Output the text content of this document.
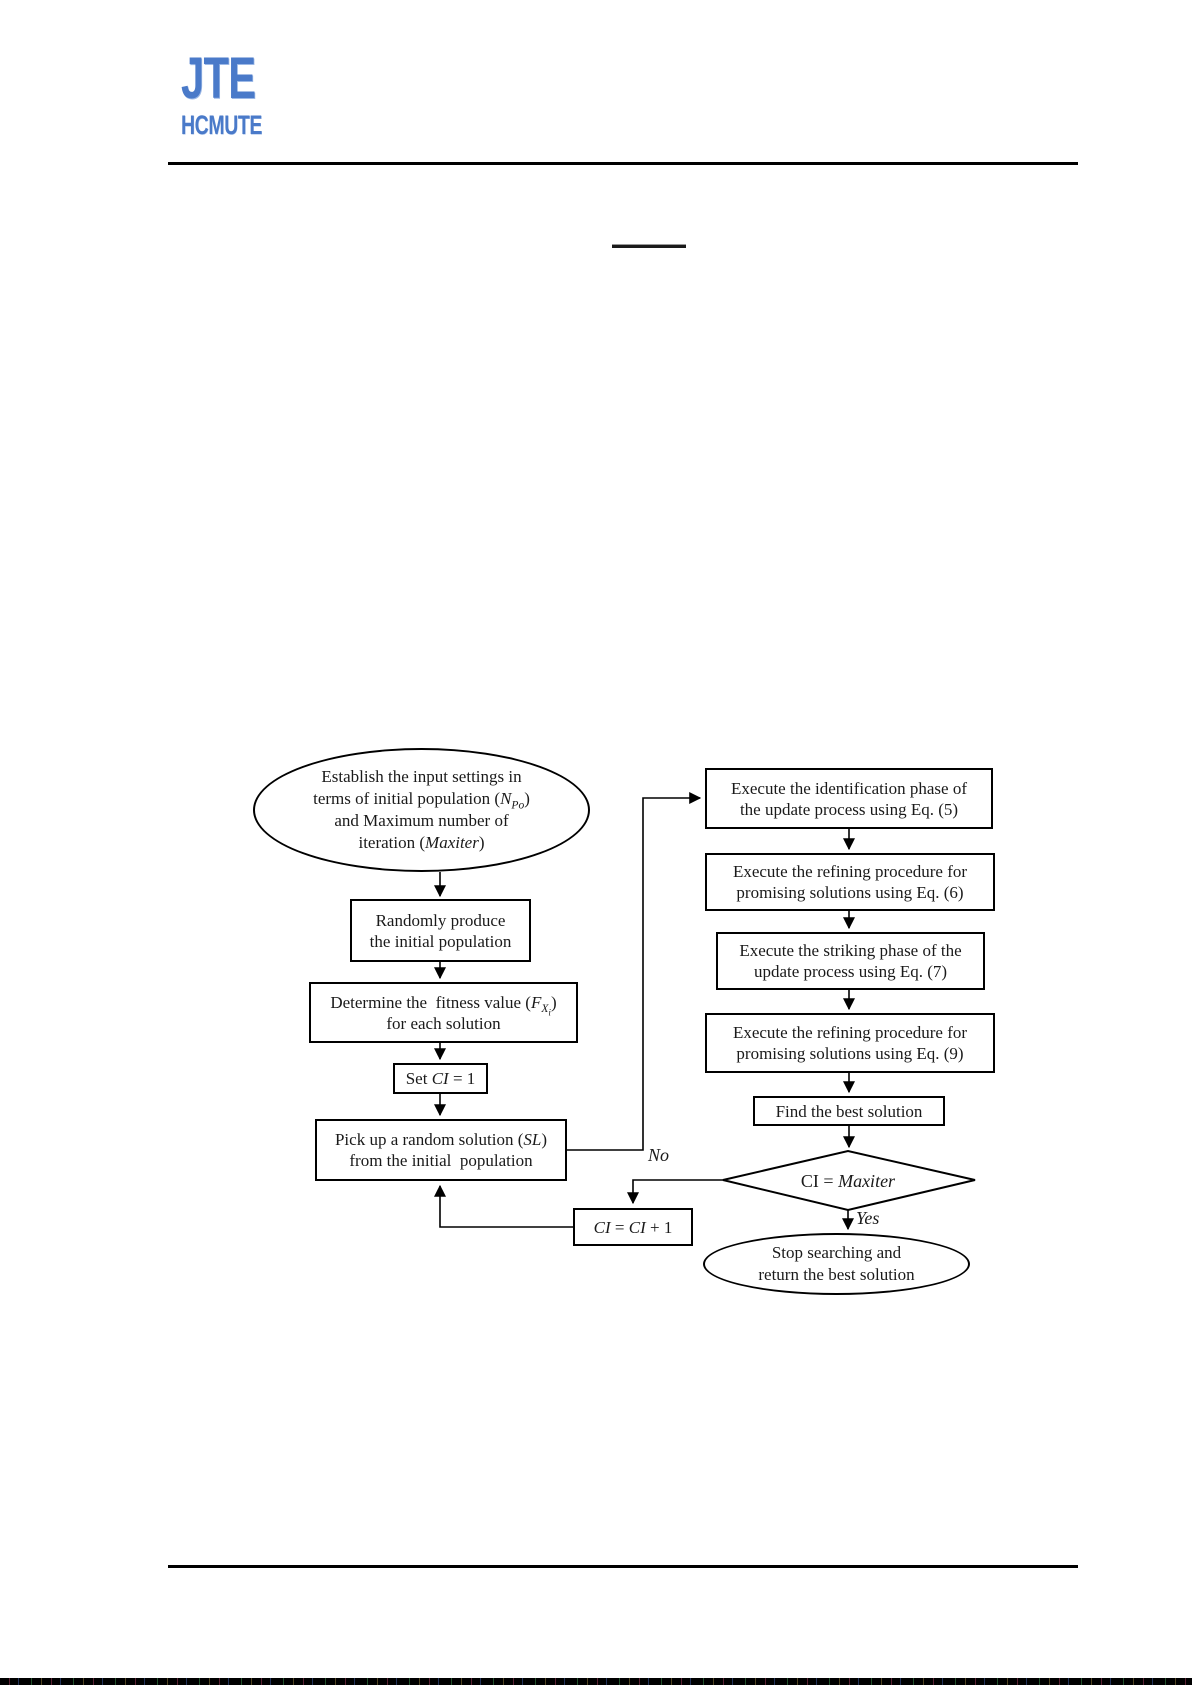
JTE
HCMUTE
Establish the input settings in
terms of initial population $(N_{Po})$
and Maximum number of
iteration (Maxiter)
Randomly produce
the initial population
Determine the  fitness value $(F_{X_i})$
for each solution
Set CI = 1
Pick up a random solution (SL)
from the initial  population
Execute the identification phase of
the update process using Eq. (5)
Execute the refining procedure for
promising solutions using Eq. (6)
Execute the striking phase of the
update process using Eq. (7)
Execute the refining procedure for
promising solutions using Eq. (9)
Find the best solution
CI = Maxiter
No
Yes
CI = CI + 1
Stop searching and
return the best solution
